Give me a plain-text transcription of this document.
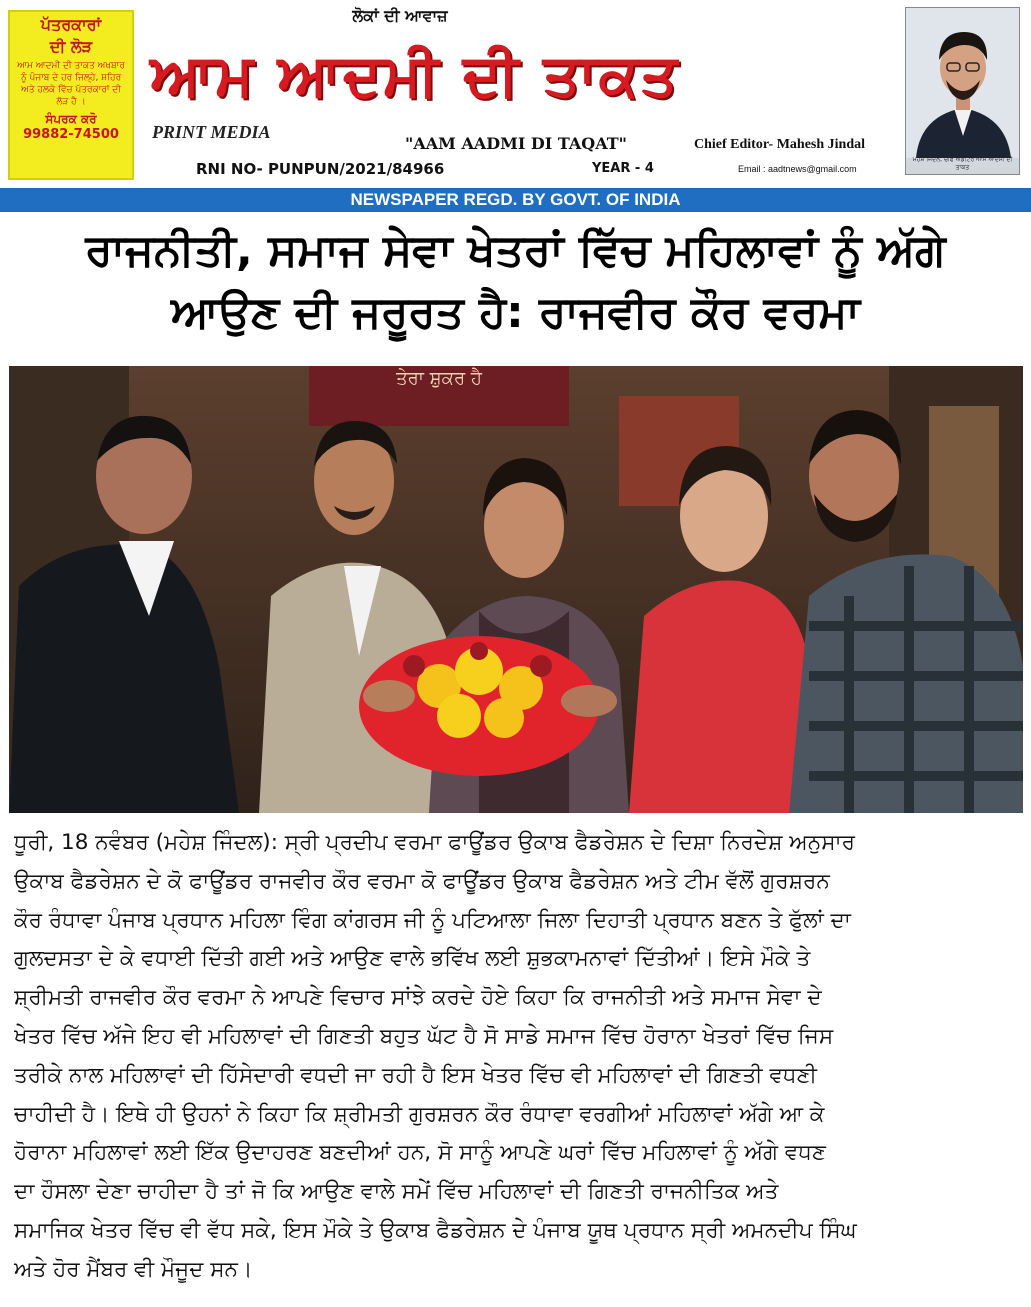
ਪੱਤਰਕਾਰਾਂ
ਦੀ ਲੋੜ
ਆਮ ਆਦਮੀ ਦੀ ਤਾਕਤ ਅਖਬਾਰ ਨੂੰ ਪੰਜਾਬ ਦੇ ਹਰ ਜਿਲ੍ਹੇ, ਸ਼ਹਿਰ ਅਤੇ ਹਲਕੇ ਵਿੱਚ ਪੱਤਰਕਾਰਾਂ ਦੀ ਲੋੜ ਹੈ ।
ਸੰਪਰਕ ਕਰੋ
99882-74500
ਲੋਕਾਂ ਦੀ ਆਵਾਜ਼
ਆਮ ਆਦਮੀ ਦੀ ਤਾਕਤ
PRINT MEDIA
"AAM AADMI DI TAQAT"	Chief Editor- Mahesh Jindal
RNI NO- PUNPUN/2021/84966	YEAR - 4	Email : aadtnews@gmail.com
ਮਹੇਸ਼ ਜਿੰਦਲ, ਚੀਫ ਐਡੀਟਰ ਆਮ ਆਦਮੀ ਦੀ ਤਾਕਤ
NEWSPAPER REGD. BY GOVT. OF INDIA
ਰਾਜਨੀਤੀ, ਸਮਾਜ ਸੇਵਾ ਖੇਤਰਾਂ ਵਿੱਚ ਮਹਿਲਾਵਾਂ ਨੂੰ ਅੱਗੇ
ਆਉਣ ਦੀ ਜਰੂਰਤ ਹੈ: ਰਾਜਵੀਰ ਕੌਰ ਵਰਮਾ
ਤੇਰਾ ਸ਼ੁਕਰ ਹੈ
ਧੂਰੀ, 18 ਨਵੰਬਰ (ਮਹੇਸ਼ ਜਿੰਦਲ): ਸ੍ਰੀ ਪ੍ਰਦੀਪ ਵਰਮਾ ਫਾਊਂਡਰ ਉਕਾਬ ਫੈਡਰੇਸ਼ਨ ਦੇ ਦਿਸ਼ਾ ਨਿਰਦੇਸ਼ ਅਨੁਸਾਰ
ਉਕਾਬ ਫੈਡਰੇਸ਼ਨ ਦੇ ਕੋ ਫਾਊਂਡਰ ਰਾਜਵੀਰ ਕੌਰ ਵਰਮਾ ਕੋ ਫਾਊਂਡਰ ਉਕਾਬ ਫੈਡਰੇਸ਼ਨ ਅਤੇ ਟੀਮ ਵੱਲੋਂ ਗੁਰਸ਼ਰਨ
ਕੌਰ ਰੰਧਾਵਾ ਪੰਜਾਬ ਪ੍ਰਧਾਨ ਮਹਿਲਾ ਵਿੰਗ ਕਾਂਗਰਸ ਜੀ ਨੂੰ ਪਟਿਆਲਾ ਜਿਲਾ ਦਿਹਾਤੀ ਪ੍ਰਧਾਨ ਬਣਨ ਤੇ ਫੁੱਲਾਂ ਦਾ
ਗੁਲਦਸਤਾ ਦੇ ਕੇ ਵਧਾਈ ਦਿੱਤੀ ਗਈ ਅਤੇ ਆਉਣ ਵਾਲੇ ਭਵਿੱਖ ਲਈ ਸ਼ੁਭਕਾਮਨਾਵਾਂ ਦਿੱਤੀਆਂ। ਇਸੇ ਮੌਕੇ ਤੇ
ਸ਼੍ਰੀਮਤੀ ਰਾਜਵੀਰ ਕੌਰ ਵਰਮਾ ਨੇ ਆਪਣੇ ਵਿਚਾਰ ਸਾਂਝੇ ਕਰਦੇ ਹੋਏ ਕਿਹਾ ਕਿ ਰਾਜਨੀਤੀ ਅਤੇ ਸਮਾਜ ਸੇਵਾ ਦੇ
ਖੇਤਰ ਵਿੱਚ ਅੱਜੇ ਇਹ ਵੀ ਮਹਿਲਾਵਾਂ ਦੀ ਗਿਣਤੀ ਬਹੁਤ ਘੱਟ ਹੈ ਸੋ ਸਾਡੇ ਸਮਾਜ ਵਿੱਚ ਹੋਰਾਨਾ ਖੇਤਰਾਂ ਵਿੱਚ ਜਿਸ
ਤਰੀਕੇ ਨਾਲ ਮਹਿਲਾਵਾਂ ਦੀ ਹਿੱਸੇਦਾਰੀ ਵਧਦੀ ਜਾ ਰਹੀ ਹੈ ਇਸ ਖੇਤਰ ਵਿੱਚ ਵੀ ਮਹਿਲਾਵਾਂ ਦੀ ਗਿਣਤੀ ਵਧਣੀ
ਚਾਹੀਦੀ ਹੈ। ਇਥੇ ਹੀ ਉਹਨਾਂ ਨੇ ਕਿਹਾ ਕਿ ਸ਼੍ਰੀਮਤੀ ਗੁਰਸ਼ਰਨ ਕੌਰ ਰੰਧਾਵਾ ਵਰਗੀਆਂ ਮਹਿਲਾਵਾਂ ਅੱਗੇ ਆ ਕੇ
ਹੋਰਾਨਾ ਮਹਿਲਾਵਾਂ ਲਈ ਇੱਕ ਉਦਾਹਰਣ ਬਣਦੀਆਂ ਹਨ, ਸੋ ਸਾਨੂੰ ਆਪਣੇ ਘਰਾਂ ਵਿੱਚ ਮਹਿਲਾਵਾਂ ਨੂੰ ਅੱਗੇ ਵਧਣ
ਦਾ ਹੌਸਲਾ ਦੇਣਾ ਚਾਹੀਦਾ ਹੈ ਤਾਂ ਜੋ ਕਿ ਆਉਣ ਵਾਲੇ ਸਮੇਂ ਵਿੱਚ ਮਹਿਲਾਵਾਂ ਦੀ ਗਿਣਤੀ ਰਾਜਨੀਤਿਕ ਅਤੇ
ਸਮਾਜਿਕ ਖੇਤਰ ਵਿੱਚ ਵੀ ਵੱਧ ਸਕੇ, ਇਸ ਮੌਕੇ ਤੇ ਉਕਾਬ ਫੈਡਰੇਸ਼ਨ ਦੇ ਪੰਜਾਬ ਯੂਥ ਪ੍ਰਧਾਨ ਸ੍ਰੀ ਅਮਨਦੀਪ ਸਿੰਘ
ਅਤੇ ਹੋਰ ਮੈਂਬਰ ਵੀ ਮੌਜੂਦ ਸਨ।
